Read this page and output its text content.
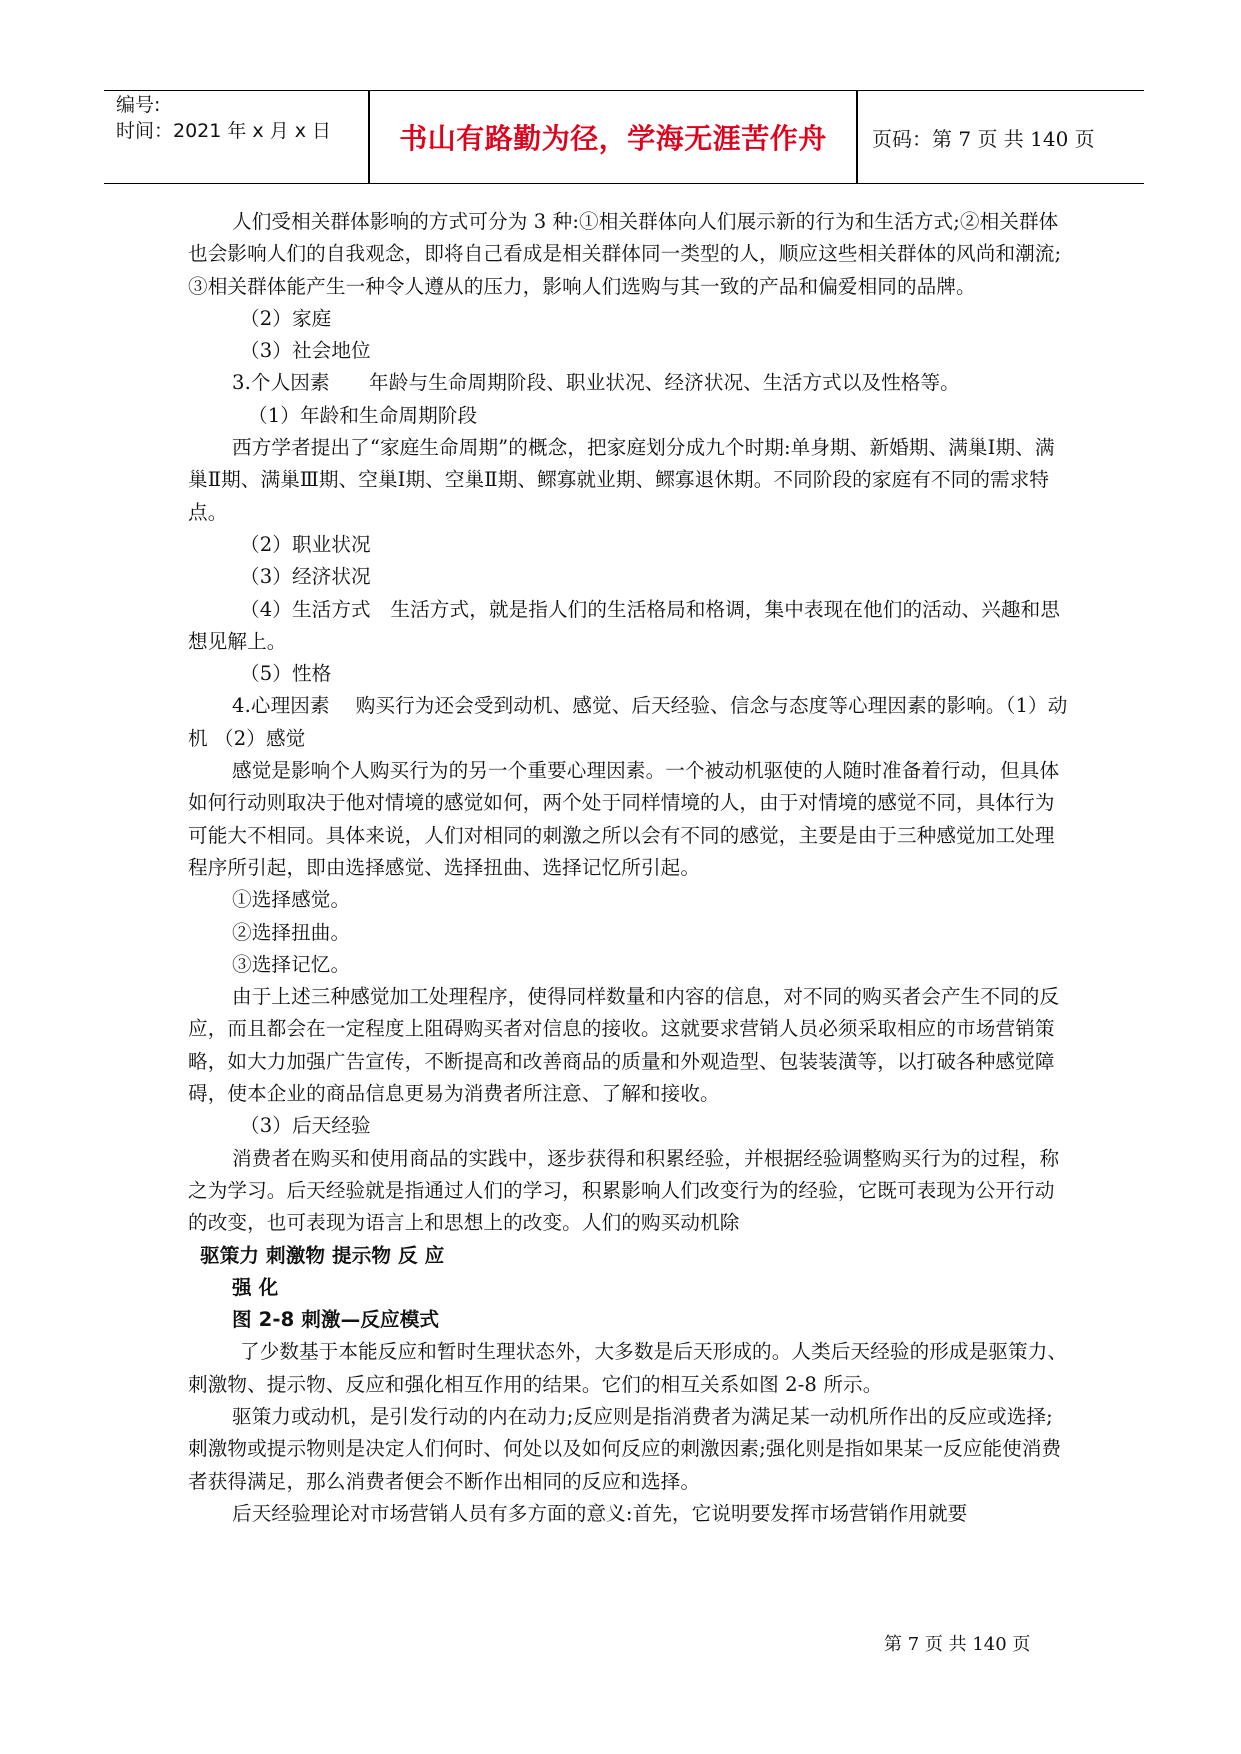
编号:
时间：2021 年 x 月 x 日	书山有路勤为径，学海无涯苦作舟	页码：第 7 页 共 140 页

人们受相关群体影响的方式可分为 3 种:①相关群体向人们展示新的行为和生活方式;②相关群体也会影响人们的自我观念，即将自己看成是相关群体同一类型的人，顺应这些相关群体的风尚和潮流;③相关群体能产生一种令人遵从的压力，影响人们选购与其一致的产品和偏爱相同的品牌。

（2）家庭

（3）社会地位

3.个人因素　　年龄与生命周期阶段、职业状况、经济状况、生活方式以及性格等。

（1）年龄和生命周期阶段

西方学者提出了“家庭生命周期”的概念，把家庭划分成九个时期:单身期、新婚期、满巢Ⅰ期、满巢Ⅱ期、满巢Ⅲ期、空巢Ⅰ期、空巢Ⅱ期、鳏寡就业期、鳏寡退休期。不同阶段的家庭有不同的需求特点。

（2）职业状况

（3）经济状况

（4）生活方式　生活方式，就是指人们的生活格局和格调，集中表现在他们的活动、兴趣和思想见解上。

（5）性格

4.心理因素　 购买行为还会受到动机、感觉、后天经验、信念与态度等心理因素的影响。（1）动机 （2）感觉

感觉是影响个人购买行为的另一个重要心理因素。一个被动机驱使的人随时准备着行动，但具体如何行动则取决于他对情境的感觉如何，两个处于同样情境的人，由于对情境的感觉不同，具体行为可能大不相同。具体来说，人们对相同的刺激之所以会有不同的感觉，主要是由于三种感觉加工处理程序所引起，即由选择感觉、选择扭曲、选择记忆所引起。

①选择感觉。

②选择扭曲。

③选择记忆。

由于上述三种感觉加工处理程序，使得同样数量和内容的信息，对不同的购买者会产生不同的反应，而且都会在一定程度上阻碍购买者对信息的接收。这就要求营销人员必须采取相应的市场营销策略，如大力加强广告宣传，不断提高和改善商品的质量和外观造型、包装装潢等，以打破各种感觉障碍，使本企业的商品信息更易为消费者所注意、了解和接收。

（3）后天经验

消费者在购买和使用商品的实践中，逐步获得和积累经验，并根据经验调整购买行为的过程，称之为学习。后天经验就是指通过人们的学习，积累影响人们改变行为的经验，它既可表现为公开行动的改变，也可表现为语言上和思想上的改变。人们的购买动机除

驱策力 刺激物 提示物 反 应

强 化

图 2-8 刺激—反应模式

了少数基于本能反应和暂时生理状态外，大多数是后天形成的。人类后天经验的形成是驱策力、刺激物、提示物、反应和强化相互作用的结果。它们的相互关系如图 2-8 所示。

驱策力或动机，是引发行动的内在动力;反应则是指消费者为满足某一动机所作出的反应或选择;刺激物或提示物则是决定人们何时、何处以及如何反应的刺激因素;强化则是指如果某一反应能使消费者获得满足，那么消费者便会不断作出相同的反应和选择。

后天经验理论对市场营销人员有多方面的意义:首先，它说明要发挥市场营销作用就要

第 7 页 共 140 页
